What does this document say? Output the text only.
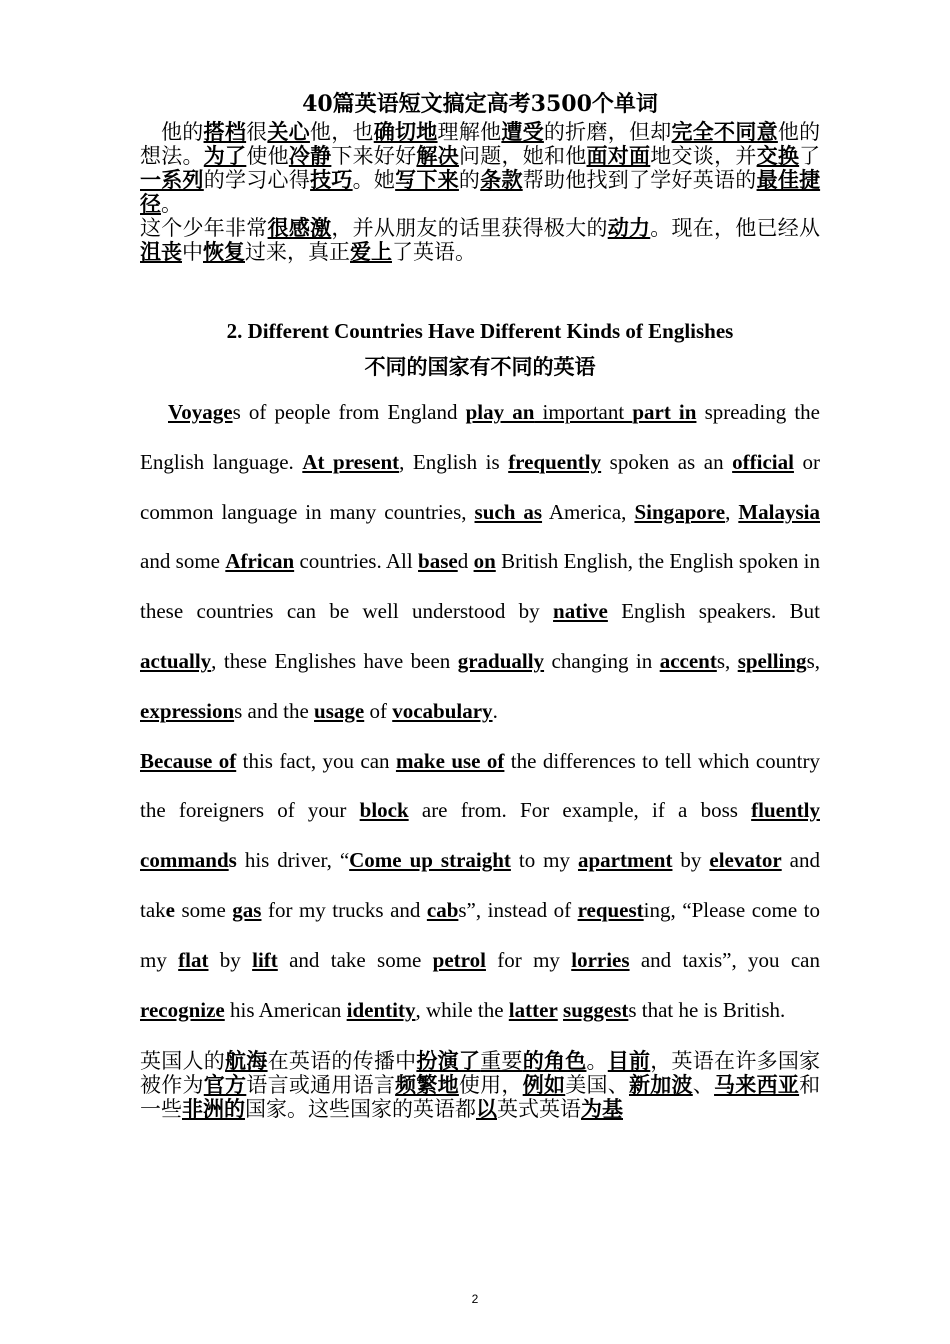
40篇英语短文搞定高考3500个单词

他的搭档很关心他，也确切地理解他遭受的折磨，但却完全不同意他的想法。为了使他冷静下来好好解决问题，她和他面对面地交谈，并交换了一系列的学习心得技巧。她写下来的条款帮助他找到了学好英语的最佳捷径。

这个少年非常很感激，并从朋友的话里获得极大的动力。现在，他已经从沮丧中恢复过来，真正爱上了英语。

2. Different Countries Have Different Kinds of Englishes
不同的国家有不同的英语

Voyages of people from England play an important part in spreading the English language. At present, English is frequently spoken as an official or common language in many countries, such as America, Singapore, Malaysia and some African countries. All based on British English, the English spoken in these countries can be well understood by native English speakers. But actually, these Englishes have been gradually changing in accents, spellings, expressions and the usage of vocabulary.

Because of this fact, you can make use of the differences to tell which country the foreigners of your block are from. For example, if a boss fluently commands his driver, “Come up straight to my apartment by elevator and take some gas for my trucks and cabs”, instead of requesting, “Please come to my flat by lift and take some petrol for my lorries and taxis”, you can recognize his American identity, while the latter suggests that he is British.

英国人的航海在英语的传播中扮演了重要的角色。目前，英语在许多国家被作为官方语言或通用语言频繁地使用，例如美国、新加波、马来西亚和一些非洲的国家。这些国家的英语都以英式英语为基

2
